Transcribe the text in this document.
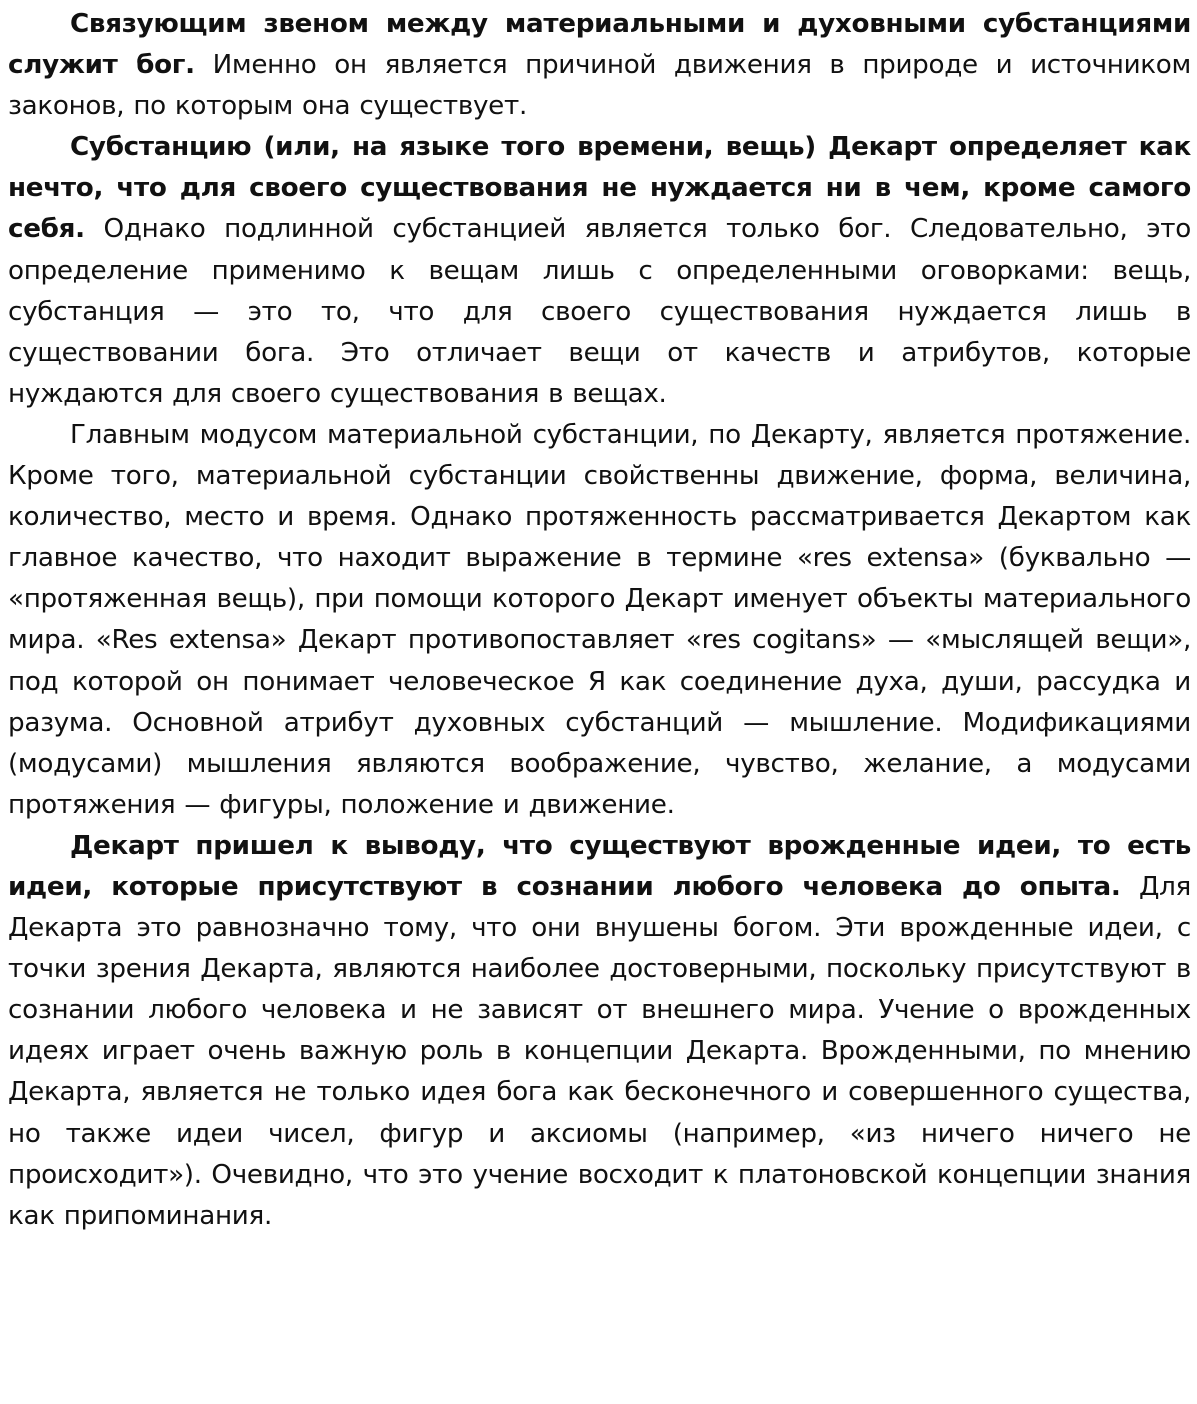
Связующим звеном между материальными и духовными субстанциями служит бог. Именно он является причиной движения в природе и источником законов, по которым она существует.

Субстанцию (или, на языке того времени, вещь) Декарт определяет как нечто, что для своего существования не нуждается ни в чем, кроме самого себя. Однако подлинной субстанцией является только бог. Следовательно, это определение применимо к вещам лишь с определенными оговорками: вещь, субстанция — это то, что для своего существования нуждается лишь в существовании бога. Это отличает вещи от качеств и атрибутов, которые нуждаются для своего существования в вещах.

Главным модусом материальной субстанции, по Декарту, является протяжение. Кроме того, материальной субстанции свойственны движение, форма, величина, количество, место и время. Однако протяженность рассматривается Декартом как главное качество, что находит выражение в термине «res extensa» (буквально — «протяженная вещь), при помощи которого Декарт именует объекты материального мира. «Res extensa» Декарт противопоставляет «res cogitans» — «мыслящей вещи», под которой он понимает человеческое Я как соединение духа, души, рассудка и разума. Основной атрибут духовных субстанций — мышление. Модификациями (модусами) мышления являются воображение, чувство, желание, а модусами протяжения — фигуры, положение и движение.

Декарт пришел к выводу, что существуют врожденные идеи, то есть идеи, которые присутствуют в сознании любого человека до опыта. Для Декарта это равнозначно тому, что они внушены богом. Эти врожденные идеи, с точки зрения Декарта, являются наиболее достоверными, поскольку присутствуют в сознании любого человека и не зависят от внешнего мира. Учение о врожденных идеях играет очень важную роль в концепции Декарта. Врожденными, по мнению Декарта, является не только идея бога как бесконечного и совершенного существа, но также идеи чисел, фигур и аксиомы (например, «из ничего ничего не происходит»). Очевидно, что это учение восходит к платоновской концепции знания как припоминания.
